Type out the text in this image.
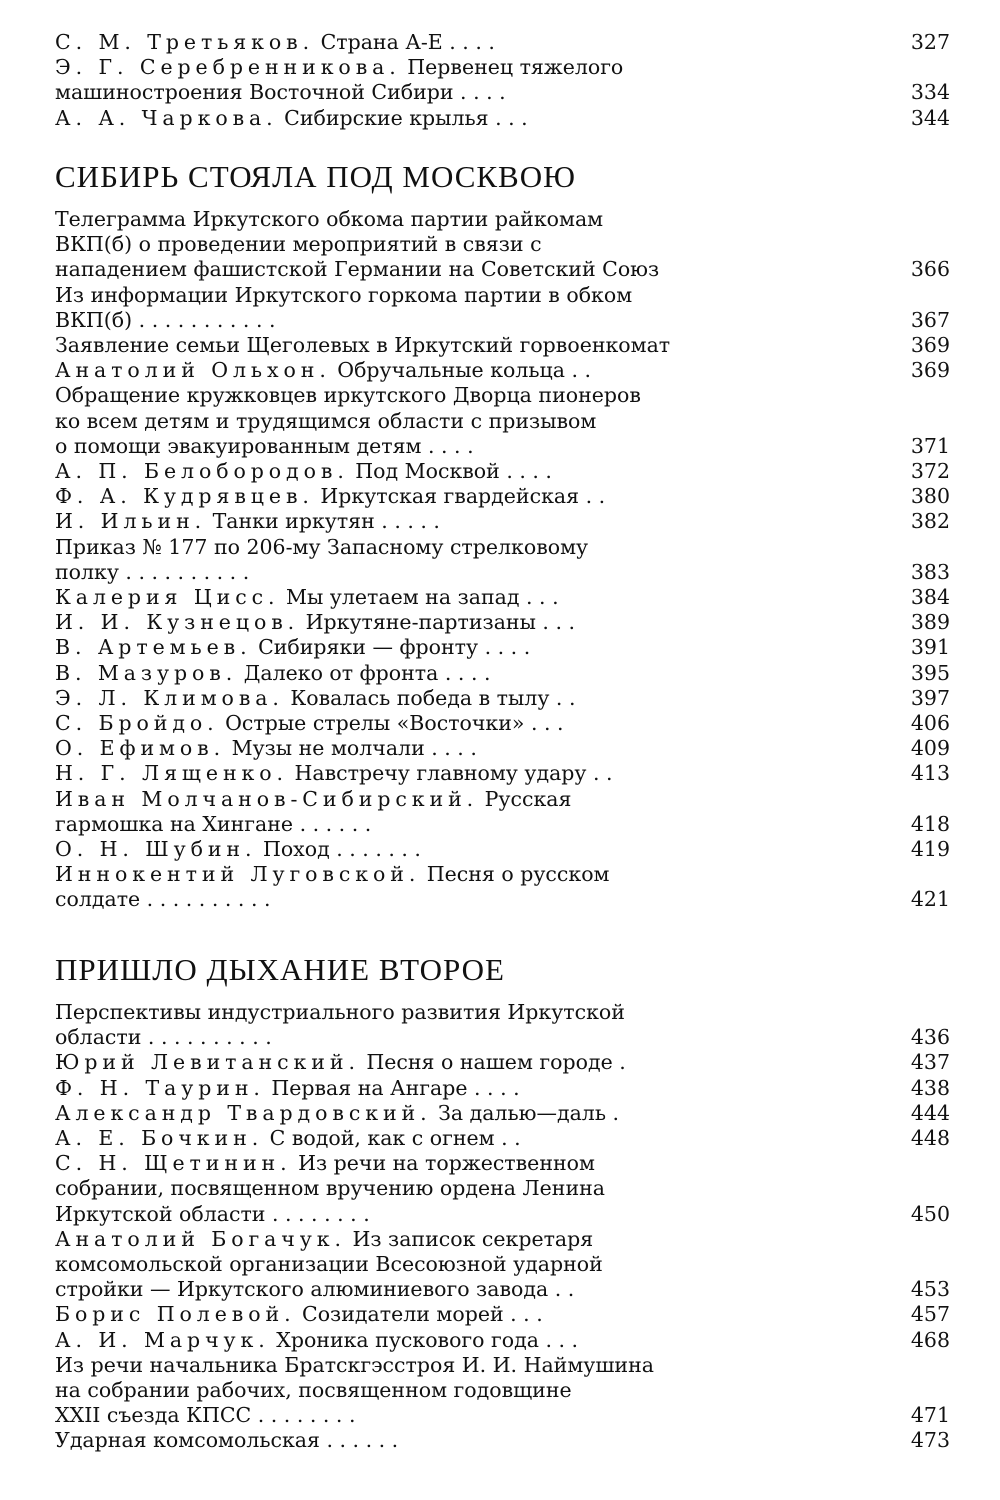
С. М. Третьяков. Страна А-Е . . . .	327
Э. Г. Серебренникова. Первенец тяжелого
машиностроения Восточной Сибири . . . .	334
А. А. Чаркова. Сибирские крылья . . .	344
СИБИРЬ СТОЯЛА ПОД МОСКВОЮ
Телеграмма Иркутского обкома партии райкомам
ВКП(б) о проведении мероприятий в связи с
нападением фашистской Германии на Советский Союз	366
Из информации Иркутского горкома партии в обком
ВКП(б) . . . . . . . . . . .	367
Заявление семьи Щеголевых в Иркутский горвоенкомат	369
Анатолий Ольхон. Обручальные кольца . .	369
Обращение кружковцев иркутского Дворца пионеров
ко всем детям и трудящимся области с призывом
о помощи эвакуированным детям . . . .	371
А. П. Белобородов. Под Москвой . . . .	372
Ф. А. Кудрявцев. Иркутская гвардейская . .	380
И. Ильин. Танки иркутян . . . . .	382
Приказ № 177 по 206-му Запасному стрелковому
полку . . . . . . . . . .	383
Калерия Цисс. Мы улетаем на запад . . .	384
И. И. Кузнецов. Иркутяне-партизаны . . .	389
В. Артемьев. Сибиряки — фронту . . . .	391
В. Мазуров. Далеко от фронта . . . .	395
Э. Л. Климова. Ковалась победа в тылу . .	397
С. Бройдо. Острые стрелы «Восточки» . . .	406
О. Ефимов. Музы не молчали . . . .	409
Н. Г. Лященко. Навстречу главному удару . .	413
Иван Молчанов-Сибирский. Русская
гармошка на Хингане . . . . . .	418
О. Н. Шубин. Поход . . . . . . .	419
Иннокентий Луговской. Песня о русском
солдате . . . . . . . . . .	421
ПРИШЛО ДЫХАНИЕ ВТОРОЕ
Перспективы индустриального развития Иркутской
области . . . . . . . . . .	436
Юрий Левитанский. Песня о нашем городе .	437
Ф. Н. Таурин. Первая на Ангаре . . . .	438
Александр Твардовский. За далью—даль .	444
А. Е. Бочкин. С водой, как с огнем . .	448
С. Н. Щетинин. Из речи на торжественном
собрании, посвященном вручению ордена Ленина
Иркутской области . . . . . . . .	450
Анатолий Богачук. Из записок секретаря
комсомольской организации Всесоюзной ударной
стройки — Иркутского алюминиевого завода . .	453
Борис Полевой. Созидатели морей . . .	457
А. И. Марчук. Хроника пускового года . . .	468
Из речи начальника Братскгэсстроя И. И. Наймушина
на собрании рабочих, посвященном годовщине
XXII съезда КПСС . . . . . . . .	471
Ударная комсомольская . . . . . .	473
